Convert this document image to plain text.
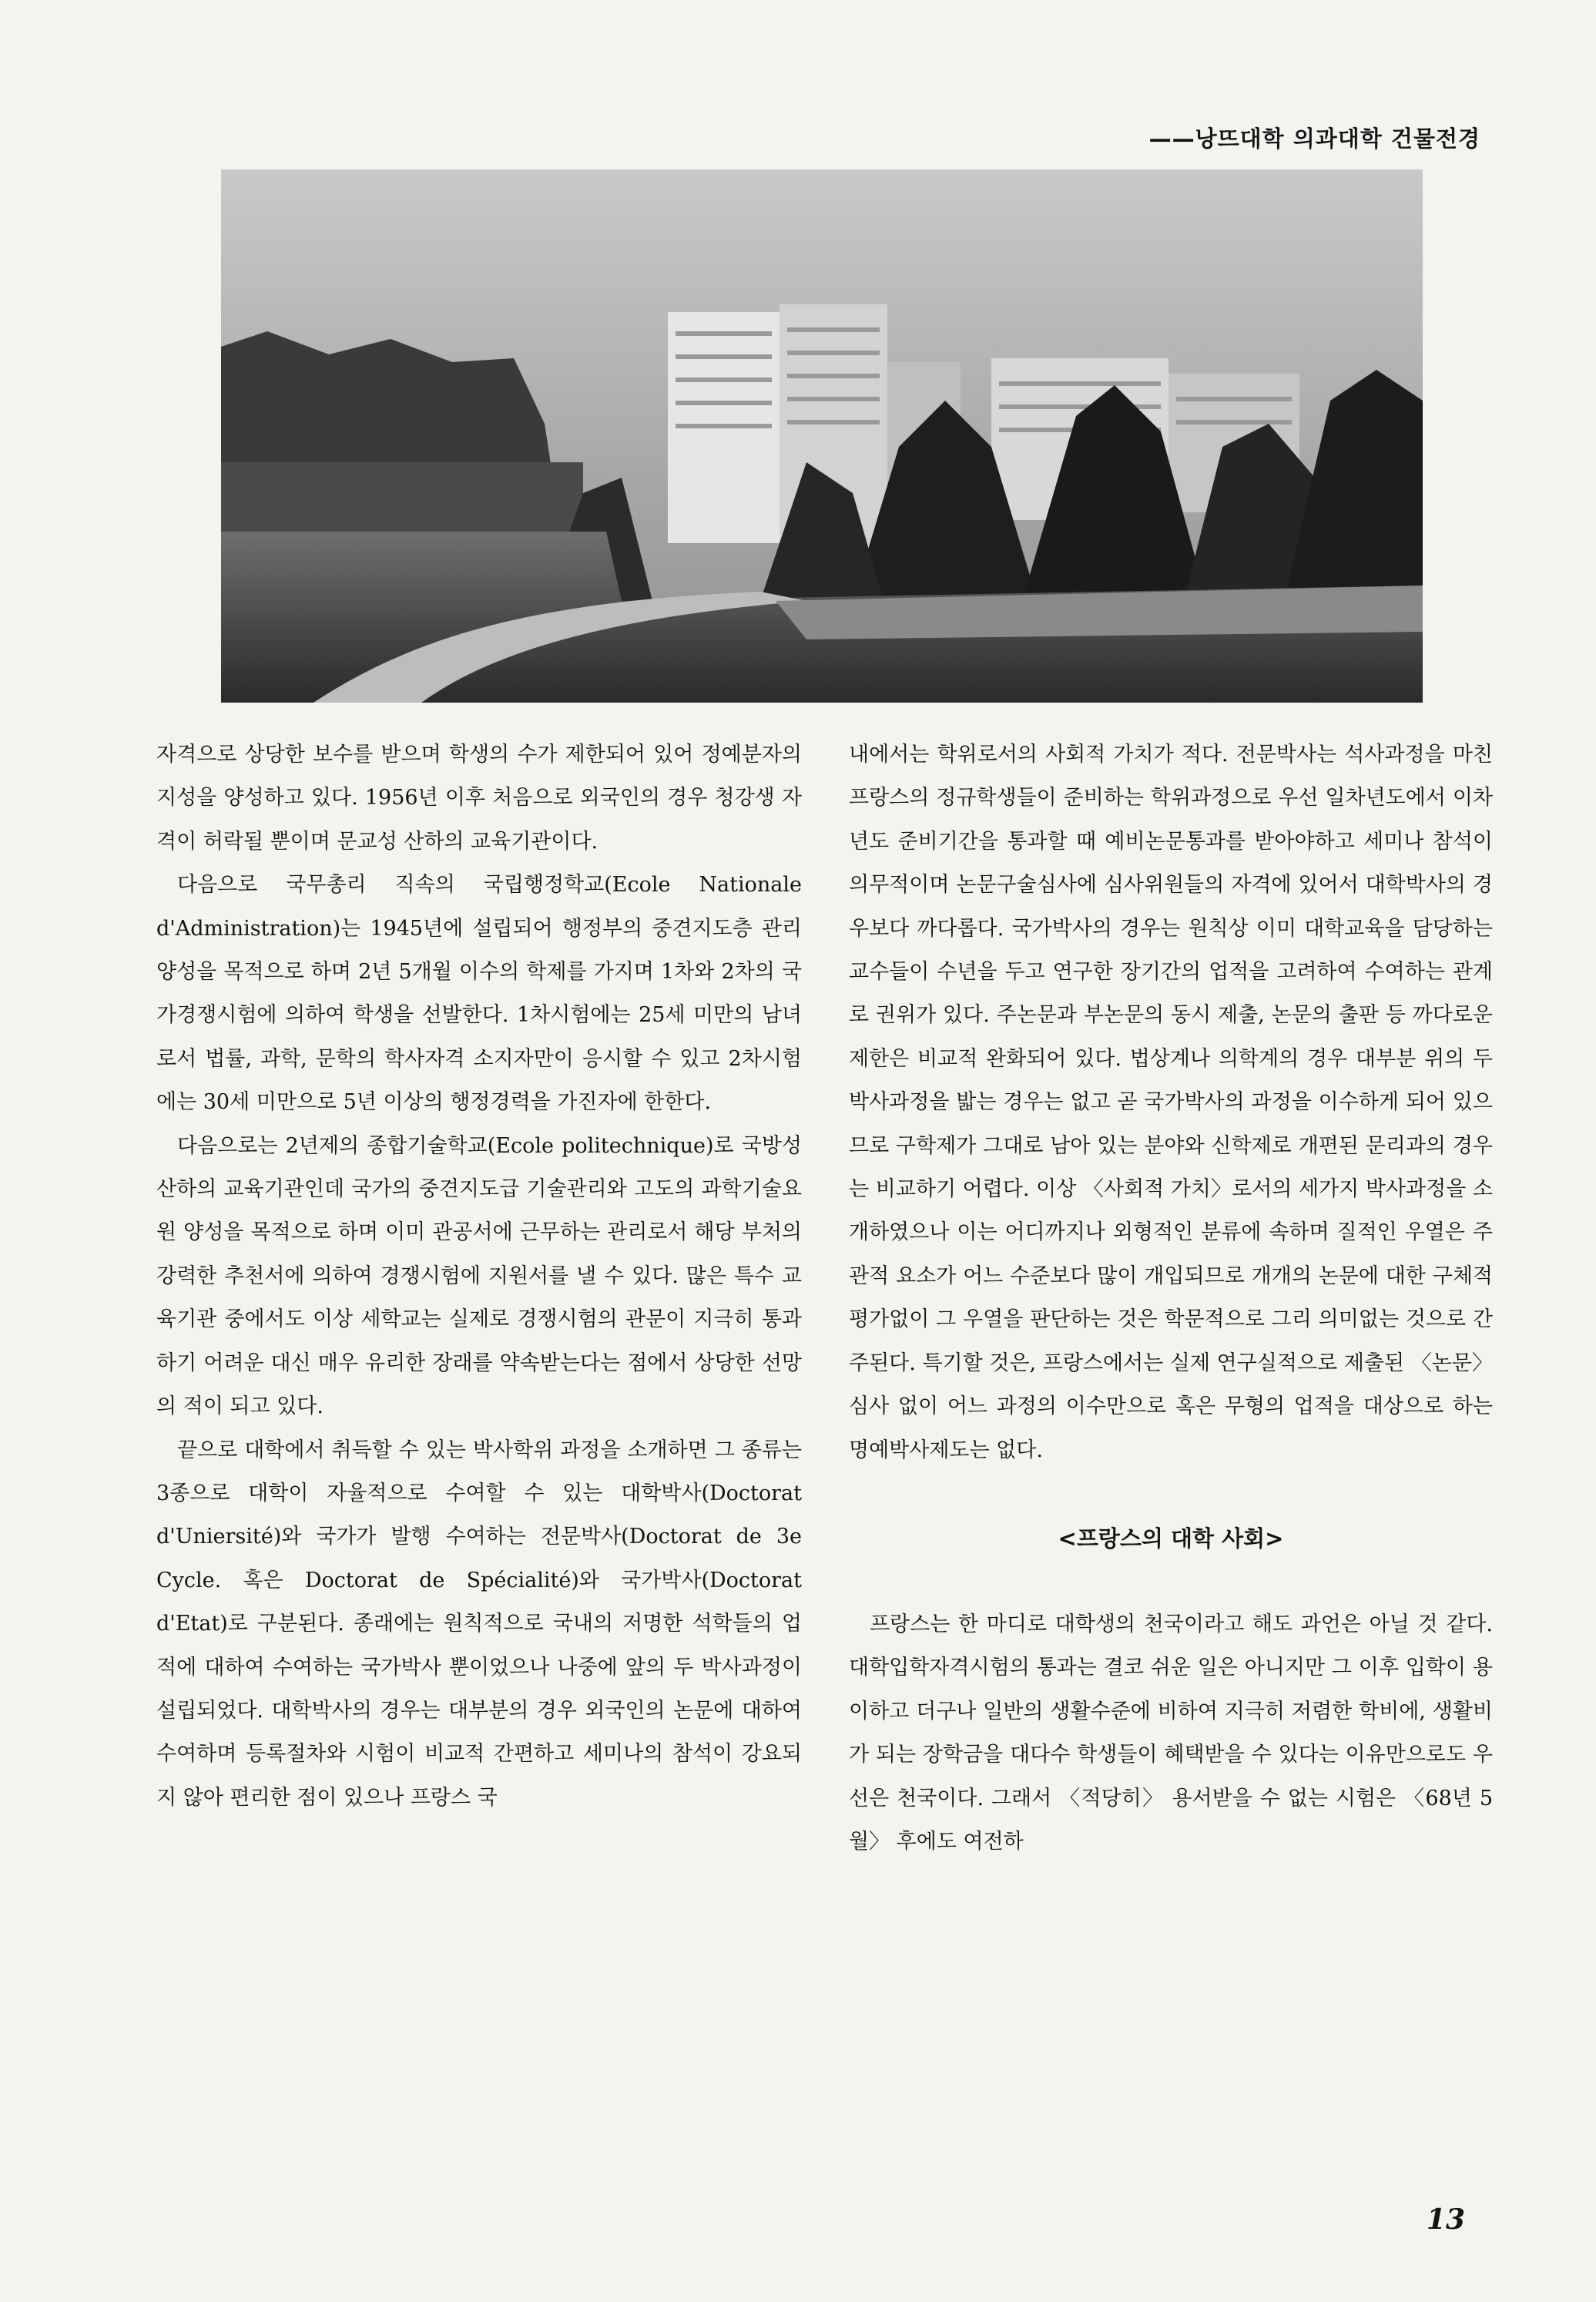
——낭뜨대학 의과대학 건물전경

자격으로 상당한 보수를 받으며 학생의 수가 제한되어 있어 정예분자의 지성을 양성하고 있다. 1956년 이후 처음으로 외국인의 경우 청강생 자격이 허락될 뿐이며 문교성 산하의 교육기관이다.

다음으로 국무총리 직속의 국립행정학교(Ecole Nationale d'Administration)는 1945년에 설립되어 행정부의 중견지도층 관리 양성을 목적으로 하며 2년 5개월 이수의 학제를 가지며 1차와 2차의 국가경쟁시험에 의하여 학생을 선발한다. 1차시험에는 25세 미만의 남녀로서 법률, 과학, 문학의 학사자격 소지자만이 응시할 수 있고 2차시험에는 30세 미만으로 5년 이상의 행정경력을 가진자에 한한다.

다음으로는 2년제의 종합기술학교(Ecole politechnique)로 국방성 산하의 교육기관인데 국가의 중견지도급 기술관리와 고도의 과학기술요원 양성을 목적으로 하며 이미 관공서에 근무하는 관리로서 해당 부처의 강력한 추천서에 의하여 경쟁시험에 지원서를 낼 수 있다. 많은 특수 교육기관 중에서도 이상 세학교는 실제로 경쟁시험의 관문이 지극히 통과하기 어려운 대신 매우 유리한 장래를 약속받는다는 점에서 상당한 선망의 적이 되고 있다.

끝으로 대학에서 취득할 수 있는 박사학위 과정을 소개하면 그 종류는 3종으로 대학이 자율적으로 수여할 수 있는 대학박사(Doctorat d'Uniersité)와 국가가 발행 수여하는 전문박사(Doctorat de 3e Cycle. 혹은 Doctorat de Spécialité)와 국가박사(Doctorat d'Etat)로 구분된다. 종래에는 원칙적으로 국내의 저명한 석학들의 업적에 대하여 수여하는 국가박사 뿐이었으나 나중에 앞의 두 박사과정이 설립되었다. 대학박사의 경우는 대부분의 경우 외국인의 논문에 대하여 수여하며 등록절차와 시험이 비교적 간편하고 세미나의 참석이 강요되지 않아 편리한 점이 있으나 프랑스 국

내에서는 학위로서의 사회적 가치가 적다. 전문박사는 석사과정을 마친 프랑스의 정규학생들이 준비하는 학위과정으로 우선 일차년도에서 이차년도 준비기간을 통과할 때 예비논문통과를 받아야하고 세미나 참석이 의무적이며 논문구술심사에 심사위원들의 자격에 있어서 대학박사의 경우보다 까다롭다. 국가박사의 경우는 원칙상 이미 대학교육을 담당하는 교수들이 수년을 두고 연구한 장기간의 업적을 고려하여 수여하는 관계로 권위가 있다. 주논문과 부논문의 동시 제출, 논문의 출판 등 까다로운 제한은 비교적 완화되어 있다. 법상계나 의학계의 경우 대부분 위의 두 박사과정을 밟는 경우는 없고 곧 국가박사의 과정을 이수하게 되어 있으므로 구학제가 그대로 남아 있는 분야와 신학제로 개편된 문리과의 경우는 비교하기 어렵다. 이상 〈사회적 가치〉로서의 세가지 박사과정을 소개하였으나 이는 어디까지나 외형적인 분류에 속하며 질적인 우열은 주관적 요소가 어느 수준보다 많이 개입되므로 개개의 논문에 대한 구체적 평가없이 그 우열을 판단하는 것은 학문적으로 그리 의미없는 것으로 간주된다. 특기할 것은, 프랑스에서는 실제 연구실적으로 제출된 〈논문〉심사 없이 어느 과정의 이수만으로 혹은 무형의 업적을 대상으로 하는 명예박사제도는 없다.

<프랑스의 대학 사회>

프랑스는 한 마디로 대학생의 천국이라고 해도 과언은 아닐 것 같다. 대학입학자격시험의 통과는 결코 쉬운 일은 아니지만 그 이후 입학이 용이하고 더구나 일반의 생활수준에 비하여 지극히 저렴한 학비에, 생활비가 되는 장학금을 대다수 학생들이 혜택받을 수 있다는 이유만으로도 우선은 천국이다. 그래서 〈적당히〉 용서받을 수 없는 시험은 〈68년 5월〉 후에도 여전하

13
